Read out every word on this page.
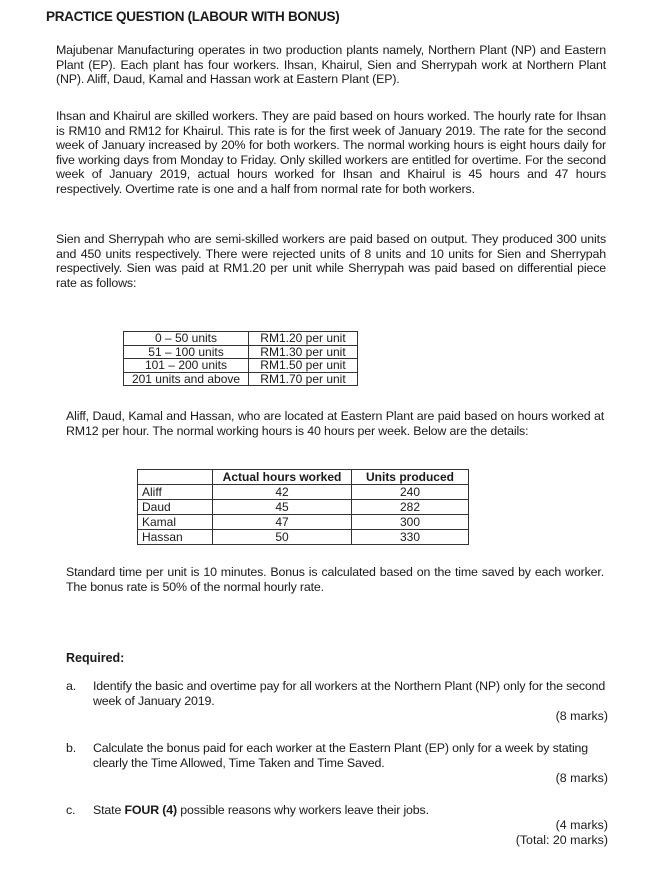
PRACTICE QUESTION (LABOUR WITH BONUS)
Majubenar Manufacturing operates in two production plants namely, Northern Plant (NP) and Eastern Plant (EP). Each plant has four workers. Ihsan, Khairul, Sien and Sherrypah work at Northern Plant (NP). Aliff, Daud, Kamal and Hassan work at Eastern Plant (EP).
Ihsan and Khairul are skilled workers. They are paid based on hours worked. The hourly rate for Ihsan is RM10 and RM12 for Khairul. This rate is for the first week of January 2019. The rate for the second week of January increased by 20% for both workers. The normal working hours is eight hours daily for five working days from Monday to Friday. Only skilled workers are entitled for overtime. For the second week of January 2019, actual hours worked for Ihsan and Khairul is 45 hours and 47 hours respectively. Overtime rate is one and a half from normal rate for both workers.
Sien and Sherrypah who are semi-skilled workers are paid based on output. They produced 300 units and 450 units respectively. There were rejected units of 8 units and 10 units for Sien and Sherrypah respectively. Sien was paid at RM1.20 per unit while Sherrypah was paid based on differential piece rate as follows:
0 – 50 units	RM1.20 per unit
51 – 100 units	RM1.30 per unit
101 – 200 units	RM1.50 per unit
201 units and above	RM1.70 per unit
Aliff, Daud, Kamal and Hassan, who are located at Eastern Plant are paid based on hours worked at RM12 per hour. The normal working hours is 40 hours per week. Below are the details:
	Actual hours worked	Units produced
Aliff	42	240
Daud	45	282
Kamal	47	300
Hassan	50	330
Standard time per unit is 10 minutes. Bonus is calculated based on the time saved by each worker. The bonus rate is 50% of the normal hourly rate.
Required:
a. Identify the basic and overtime pay for all workers at the Northern Plant (NP) only for the second week of January 2019.
(8 marks)
b. Calculate the bonus paid for each worker at the Eastern Plant (EP) only for a week by stating clearly the Time Allowed, Time Taken and Time Saved.
(8 marks)
c. State FOUR (4) possible reasons why workers leave their jobs.
(4 marks)
(Total: 20 marks)
